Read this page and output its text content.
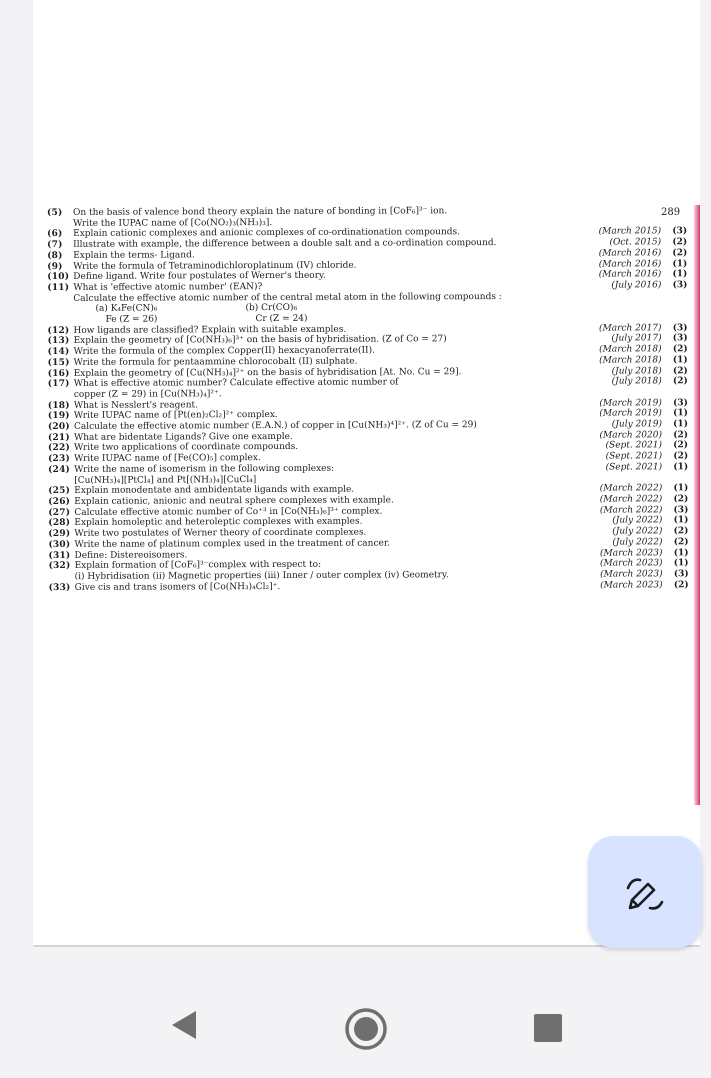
289
(5)	On the basis of valence bond theory explain the nature of bonding in [CoF₆]³⁻ ion.
Write the IUPAC name of [Co(NO₂)₃(NH₃)₃].
(6)	Explain cationic complexes and anionic complexes of co-ordinationation compounds.	(March 2015)	(3)
(7)	Illustrate with example, the difference between a double salt and a co-ordination compound.	(Oct. 2015)	(2)
(8)	Explain the terms- Ligand.	(March 2016)	(2)
(9)	Write the formula of Tetraminodichloroplatinum (IV) chloride.	(March 2016)	(1)
(10) Define ligand. Write four postulates of Werner's theory.	(March 2016)	(1)
(11) What is 'effective atomic number' (EAN)?	(July 2016)	(3)
Calculate the effective atomic number of the central metal atom in the following compounds :
(a) K₄Fe(CN)₆	(b) Cr(CO)₆
Fe (Z = 26)	Cr (Z = 24)
(12) How ligands are classified? Explain with suitable examples.	(March 2017)	(3)
(13) Explain the geometry of [Co(NH₃)₆]³⁺ on the basis of hybridisation. (Z of Co = 27)	(July 2017)	(3)
(14) Write the formula of the complex Copper(II) hexacyanoferrate(II).	(March 2018)	(2)
(15) Write the formula for pentaammine chlorocobalt (II) sulphate.	(March 2018)	(1)
(16) Explain the geometry of [Cu(NH₃)₄]²⁺ on the basis of hybridisation [At. No. Cu = 29].	(July 2018)	(2)
(17) What is effective atomic number? Calculate effective atomic number of	(July 2018)	(2)
copper (Z = 29) in [Cu(NH₃)₄]²⁺.
(18) What is Nesslert's reagent.	(March 2019)	(3)
(19) Write IUPAC name of [Pt(en)₂Cl₂]²⁺ complex.	(March 2019)	(1)
(20) Calculate the effective atomic number (E.A.N.) of copper in [Cu(NH₃)⁴]²⁺. (Z of Cu = 29)	(July 2019)	(1)
(21) What are bidentate Ligands? Give one example.	(March 2020)	(2)
(22) Write two applications of coordinate compounds.	(Sept. 2021)	(2)
(23) Write IUPAC name of [Fe(CO)₅] complex.	(Sept. 2021)	(2)
(24) Write the name of isomerism in the following complexes:	(Sept. 2021)	(1)
[Cu(NH₃)₄][PtCl₄] and Pt[(NH₃)₄][CuCl₄]
(25) Explain monodentate and ambidentate ligands with example.	(March 2022)	(1)
(26) Explain cationic, anionic and neutral sphere complexes with example.	(March 2022)	(2)
(27) Calculate effective atomic number of Co⁺³ in [Co(NH₃)₆]³⁺ complex.	(March 2022)	(3)
(28) Explain homoleptic and heteroleptic complexes with examples.	(July 2022)	(1)
(29) Write two postulates of Werner theory of coordinate complexes.	(July 2022)	(2)
(30) Write the name of platinum complex used in the treatment of cancer.	(July 2022)	(2)
(31) Define: Distereoisomers.	(March 2023)	(1)
(32) Explain formation of [CoF₆]³⁻complex with respect to:	(March 2023)	(1)
(i) Hybridisation (ii) Magnetic properties (iii) Inner / outer complex (iv) Geometry.	(March 2023)	(3)
(33) Give cis and trans isomers of [Co(NH₃)₄Cl₂]⁺.	(March 2023)	(2)
